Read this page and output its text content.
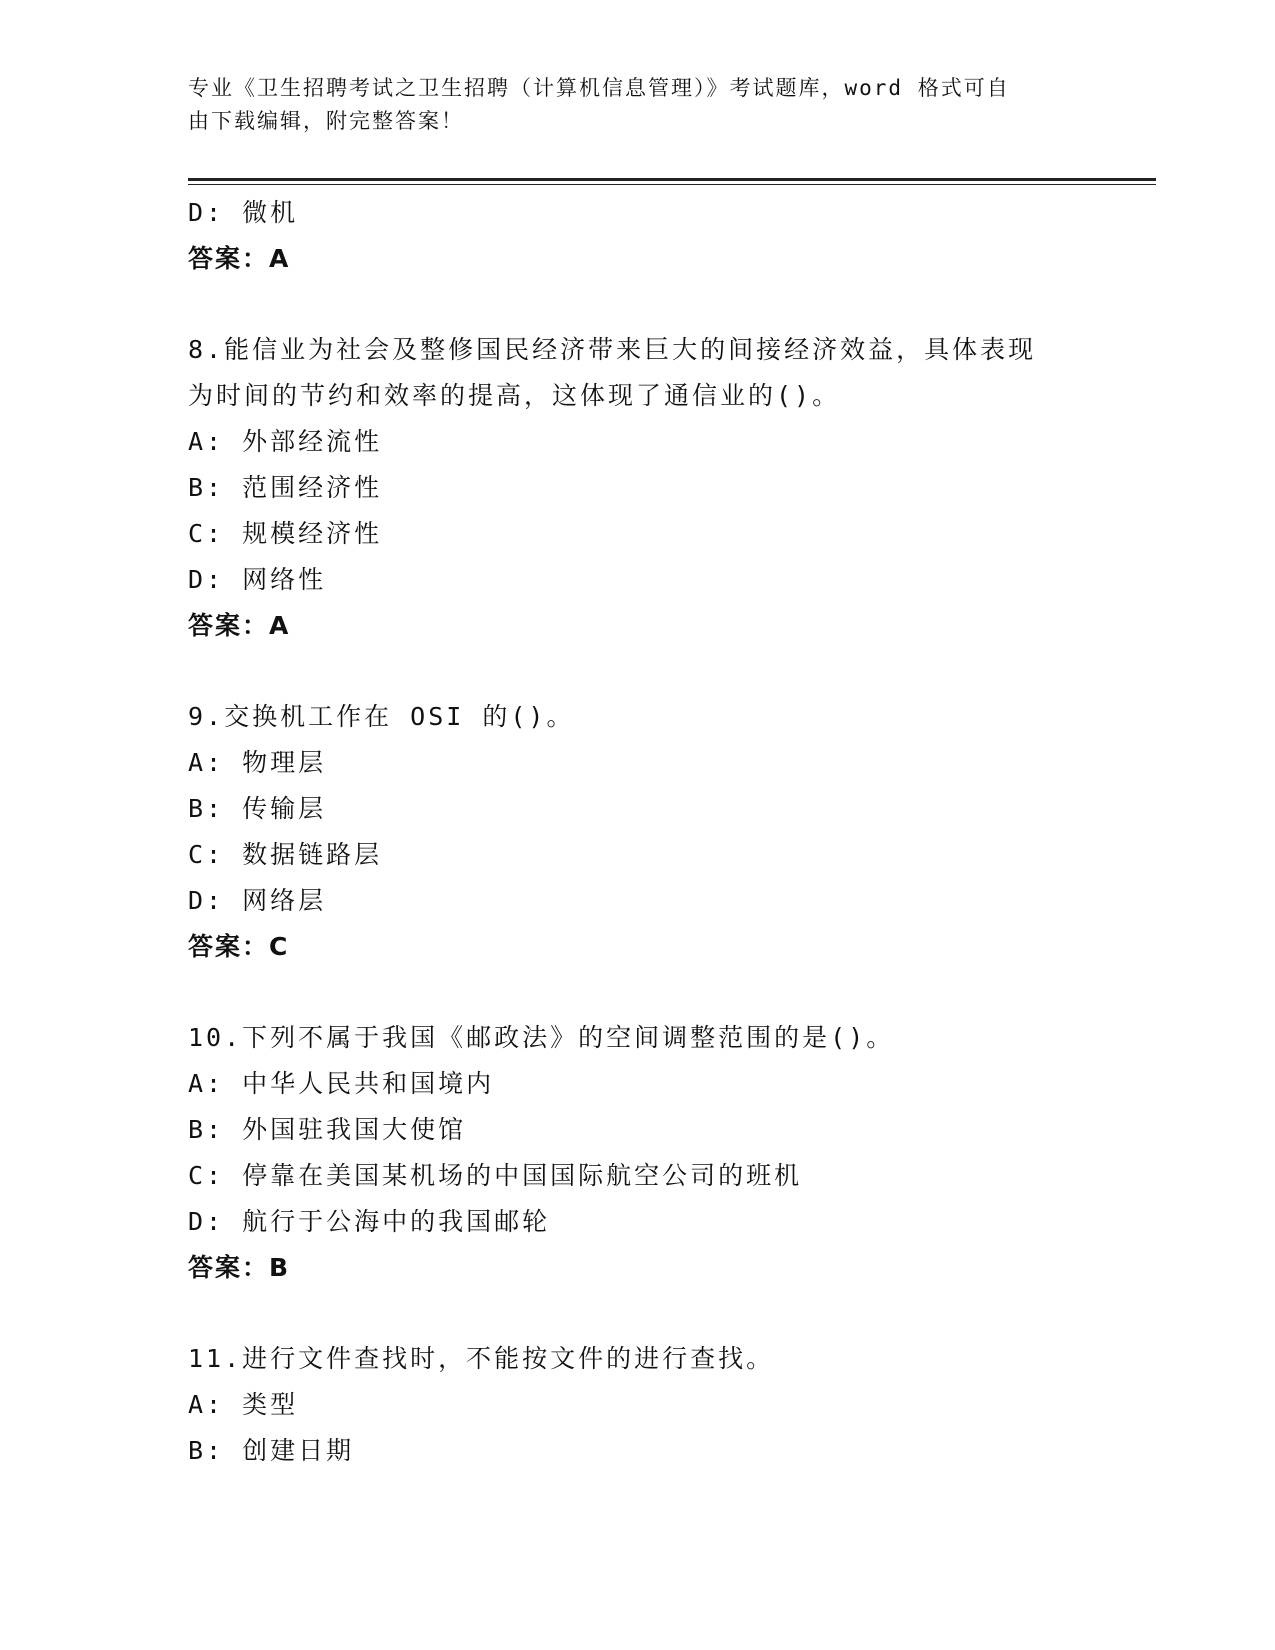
专业《卫生招聘考试之卫生招聘（计算机信息管理）》考试题库，word 格式可自
由下载编辑，附完整答案！
D: 微机
答案：A
8.能信业为社会及整修国民经济带来巨大的间接经济效益，具体表现
为时间的节约和效率的提高，这体现了通信业的()。
A: 外部经流性
B: 范围经济性
C: 规模经济性
D: 网络性
答案：A
9.交换机工作在 OSI 的()。
A: 物理层
B: 传输层
C: 数据链路层
D: 网络层
答案：C
10.下列不属于我国《邮政法》的空间调整范围的是()。
A: 中华人民共和国境内
B: 外国驻我国大使馆
C: 停靠在美国某机场的中国国际航空公司的班机
D: 航行于公海中的我国邮轮
答案：B
11.进行文件查找时，不能按文件的进行查找。
A: 类型
B: 创建日期
